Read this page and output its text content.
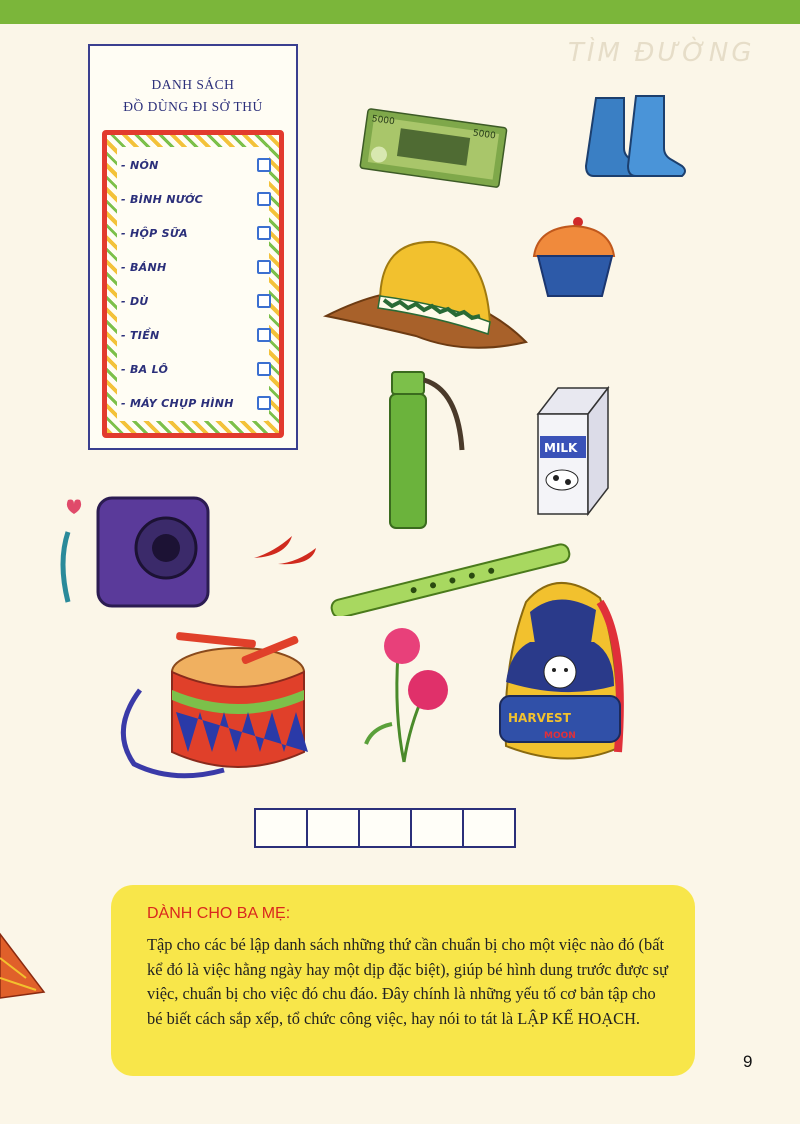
TÌM ĐƯỜNG
DANH SÁCH
ĐỒ DÙNG ĐI SỞ THÚ
- NÓN
- BÌNH NƯỚC
- HỘP SỮA
- BÁNH
- DÙ
- TIỀN
- BA LÔ
- MÁY CHỤP HÌNH
5000
5000
MILK
HARVEST
MOON

DÀNH CHO BA MẸ:

Tập cho các bé lập danh sách những thứ cần chuẩn bị cho một việc nào đó (bất kể đó là việc hằng ngày hay một dịp đặc biệt), giúp bé hình dung trước được sự việc, chuẩn bị cho việc đó chu đáo. Đây chính là những yếu tố cơ bản tập cho bé biết cách sắp xếp, tổ chức công việc, hay nói to tát là LẬP KẾ HOẠCH.

9
